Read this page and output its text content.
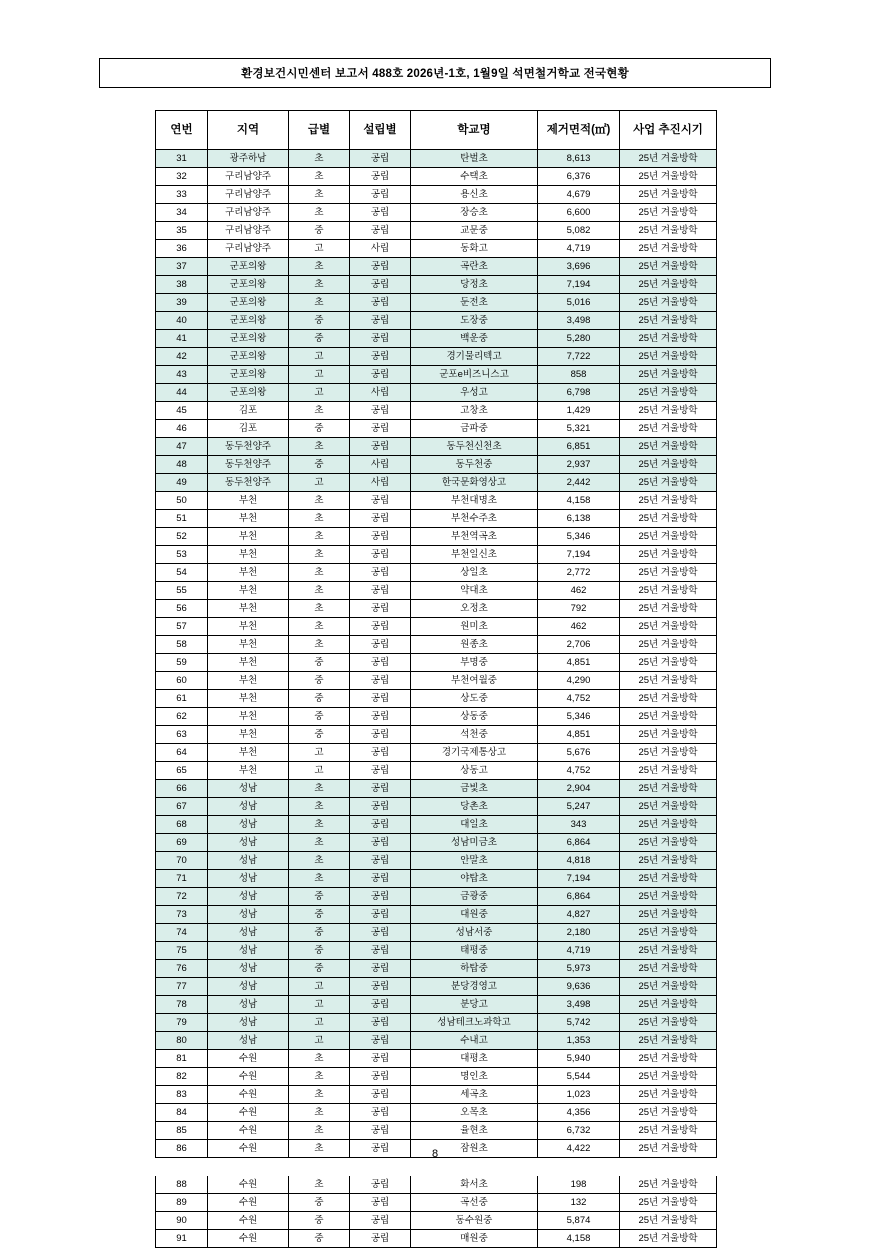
환경보건시민센터 보고서 488호 2026년-1호, 1월9일 석면철거학교 전국현황
연번	지역	급별	설립별	학교명	제거면적(㎡)	사업 추진시기
31	광주하남	초	공립	탄벌초	8,613	25년 겨울방학
32	구리남양주	초	공립	수택초	6,376	25년 겨울방학
33	구리남양주	초	공립	용신초	4,679	25년 겨울방학
34	구리남양주	초	공립	장승초	6,600	25년 겨울방학
35	구리남양주	중	공립	교문중	5,082	25년 겨울방학
36	구리남양주	고	사립	동화고	4,719	25년 겨울방학
37	군포의왕	초	공립	곡란초	3,696	25년 겨울방학
38	군포의왕	초	공립	당정초	7,194	25년 겨울방학
39	군포의왕	초	공립	둔전초	5,016	25년 겨울방학
40	군포의왕	중	공립	도장중	3,498	25년 겨울방학
41	군포의왕	중	공립	백운중	5,280	25년 겨울방학
42	군포의왕	고	공립	경기물리텍고	7,722	25년 겨울방학
43	군포의왕	고	공립	군포e비즈니스고	858	25년 겨울방학
44	군포의왕	고	사립	우성고	6,798	25년 겨울방학
45	김포	초	공립	고창초	1,429	25년 겨울방학
46	김포	중	공립	금파중	5,321	25년 겨울방학
47	동두천양주	초	공립	동두천신천초	6,851	25년 겨울방학
48	동두천양주	중	사립	동두천중	2,937	25년 겨울방학
49	동두천양주	고	사립	한국문화영상고	2,442	25년 겨울방학
50	부천	초	공립	부천대명초	4,158	25년 겨울방학
51	부천	초	공립	부천수주초	6,138	25년 겨울방학
52	부천	초	공립	부천역곡초	5,346	25년 겨울방학
53	부천	초	공립	부천일신초	7,194	25년 겨울방학
54	부천	초	공립	상일초	2,772	25년 겨울방학
55	부천	초	공립	약대초	462	25년 겨울방학
56	부천	초	공립	오정초	792	25년 겨울방학
57	부천	초	공립	원미초	462	25년 겨울방학
58	부천	초	공립	원종초	2,706	25년 겨울방학
59	부천	중	공립	부명중	4,851	25년 겨울방학
60	부천	중	공립	부천여월중	4,290	25년 겨울방학
61	부천	중	공립	상도중	4,752	25년 겨울방학
62	부천	중	공립	상동중	5,346	25년 겨울방학
63	부천	중	공립	석천중	4,851	25년 겨울방학
64	부천	고	공립	경기국제통상고	5,676	25년 겨울방학
65	부천	고	공립	상동고	4,752	25년 겨울방학
66	성남	초	공립	금빛초	2,904	25년 겨울방학
67	성남	초	공립	당촌초	5,247	25년 겨울방학
68	성남	초	공립	대일초	343	25년 겨울방학
69	성남	초	공립	성남미금초	6,864	25년 겨울방학
70	성남	초	공립	안말초	4,818	25년 겨울방학
71	성남	초	공립	야탑초	7,194	25년 겨울방학
72	성남	중	공립	금광중	6,864	25년 겨울방학
73	성남	중	공립	대원중	4,827	25년 겨울방학
74	성남	중	공립	성남서중	2,180	25년 겨울방학
75	성남	중	공립	태평중	4,719	25년 겨울방학
76	성남	중	공립	하탑중	5,973	25년 겨울방학
77	성남	고	공립	분당경영고	9,636	25년 겨울방학
78	성남	고	공립	분당고	3,498	25년 겨울방학
79	성남	고	공립	성남테크노과학고	5,742	25년 겨울방학
80	성남	고	공립	수내고	1,353	25년 겨울방학
81	수원	초	공립	대평초	5,940	25년 겨울방학
82	수원	초	공립	명인초	5,544	25년 겨울방학
83	수원	초	공립	세곡초	1,023	25년 겨울방학
84	수원	초	공립	오목초	4,356	25년 겨울방학
85	수원	초	공립	율현초	6,732	25년 겨울방학
86	수원	초	공립	잠원초	4,422	25년 겨울방학

88	수원	초	공립	화서초	198	25년 겨울방학
89	수원	중	공립	곡선중	132	25년 겨울방학
90	수원	중	공립	동수원중	5,874	25년 겨울방학
91	수원	중	공립	매원중	4,158	25년 겨울방학
8
